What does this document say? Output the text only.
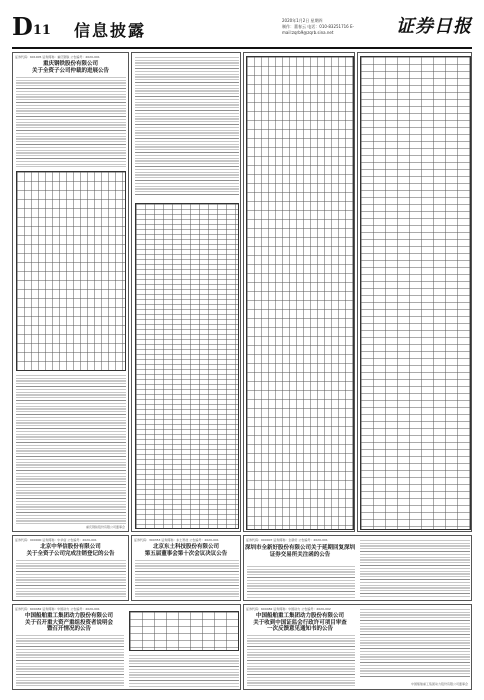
D11 信息披露
2020年1月2日 星期四
制作：董春云 电话：010-83251716 E-mail:zqrb9@zqrb.sina.net	证券日报
证券代码：601005 证券简称：重庆钢铁 公告编号：2020-001
重庆钢铁股份有限公司
关于全资子公司仲裁的进展公告
重庆钢铁股份有限公司董事会
证券代码：000000 证券简称：中华信 公告编号：2020-001
北京中华信股份有限公司
关于全资子公司完成注销登记的公告
证券代码：300353 证券简称：东土科技 公告编号：2020-001
北京东土科技股份有限公司
第五届董事会第十次会议决议公告
证券代码：000007 证券简称：全新好 公告编号：2020-001
深圳市全新好股份有限公司关于延期回复深圳
证券交易所关注函的公告
证券代码：600482 证券简称：中国动力 公告编号：2020-001
中国船舶重工集团动力股份有限公司
关于召开重大资产重组投资者说明会
暨召开情况的公告
证券代码：600482 证券简称：中国动力 公告编号：2020-002
中国船舶重工集团动力股份有限公司
关于收到中国证监会行政许可项目审查
一次反馈意见通知书的公告
中国船舶重工集团动力股份有限公司董事会
